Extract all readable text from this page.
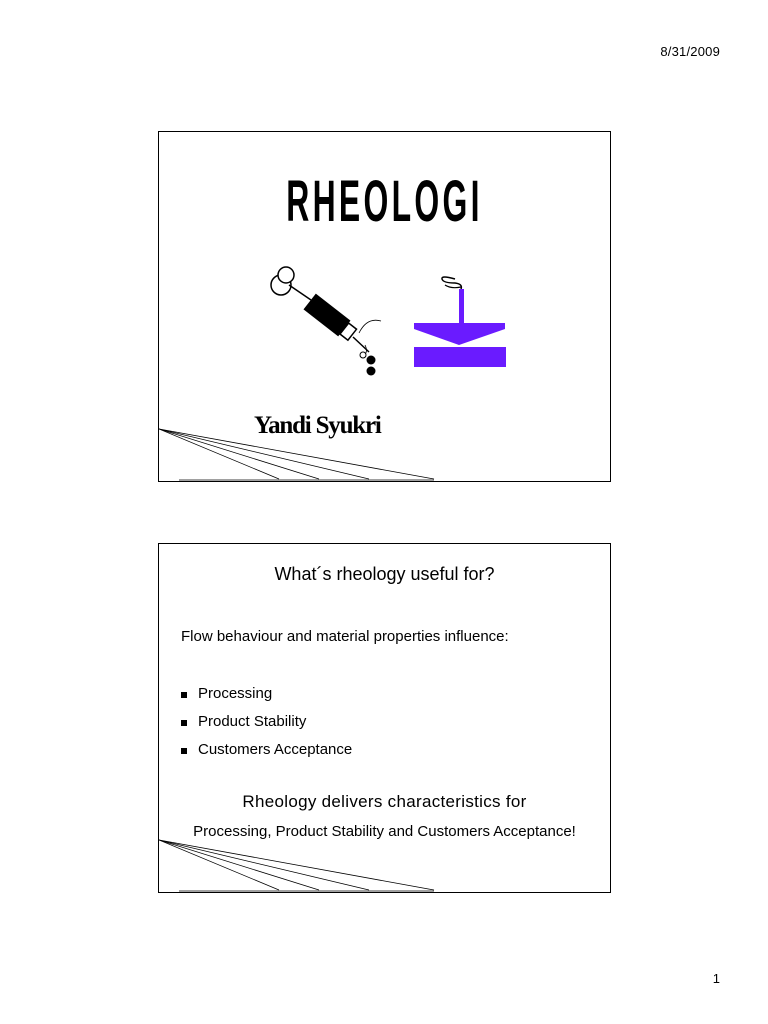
8/31/2009
RHEOLOGI
Yandi Syukri
What´s rheology useful for?
Flow behaviour and material properties influence:
Processing
Product Stability
Customers Acceptance
Rheology delivers characteristics for
Processing, Product Stability and Customers Acceptance!
1
